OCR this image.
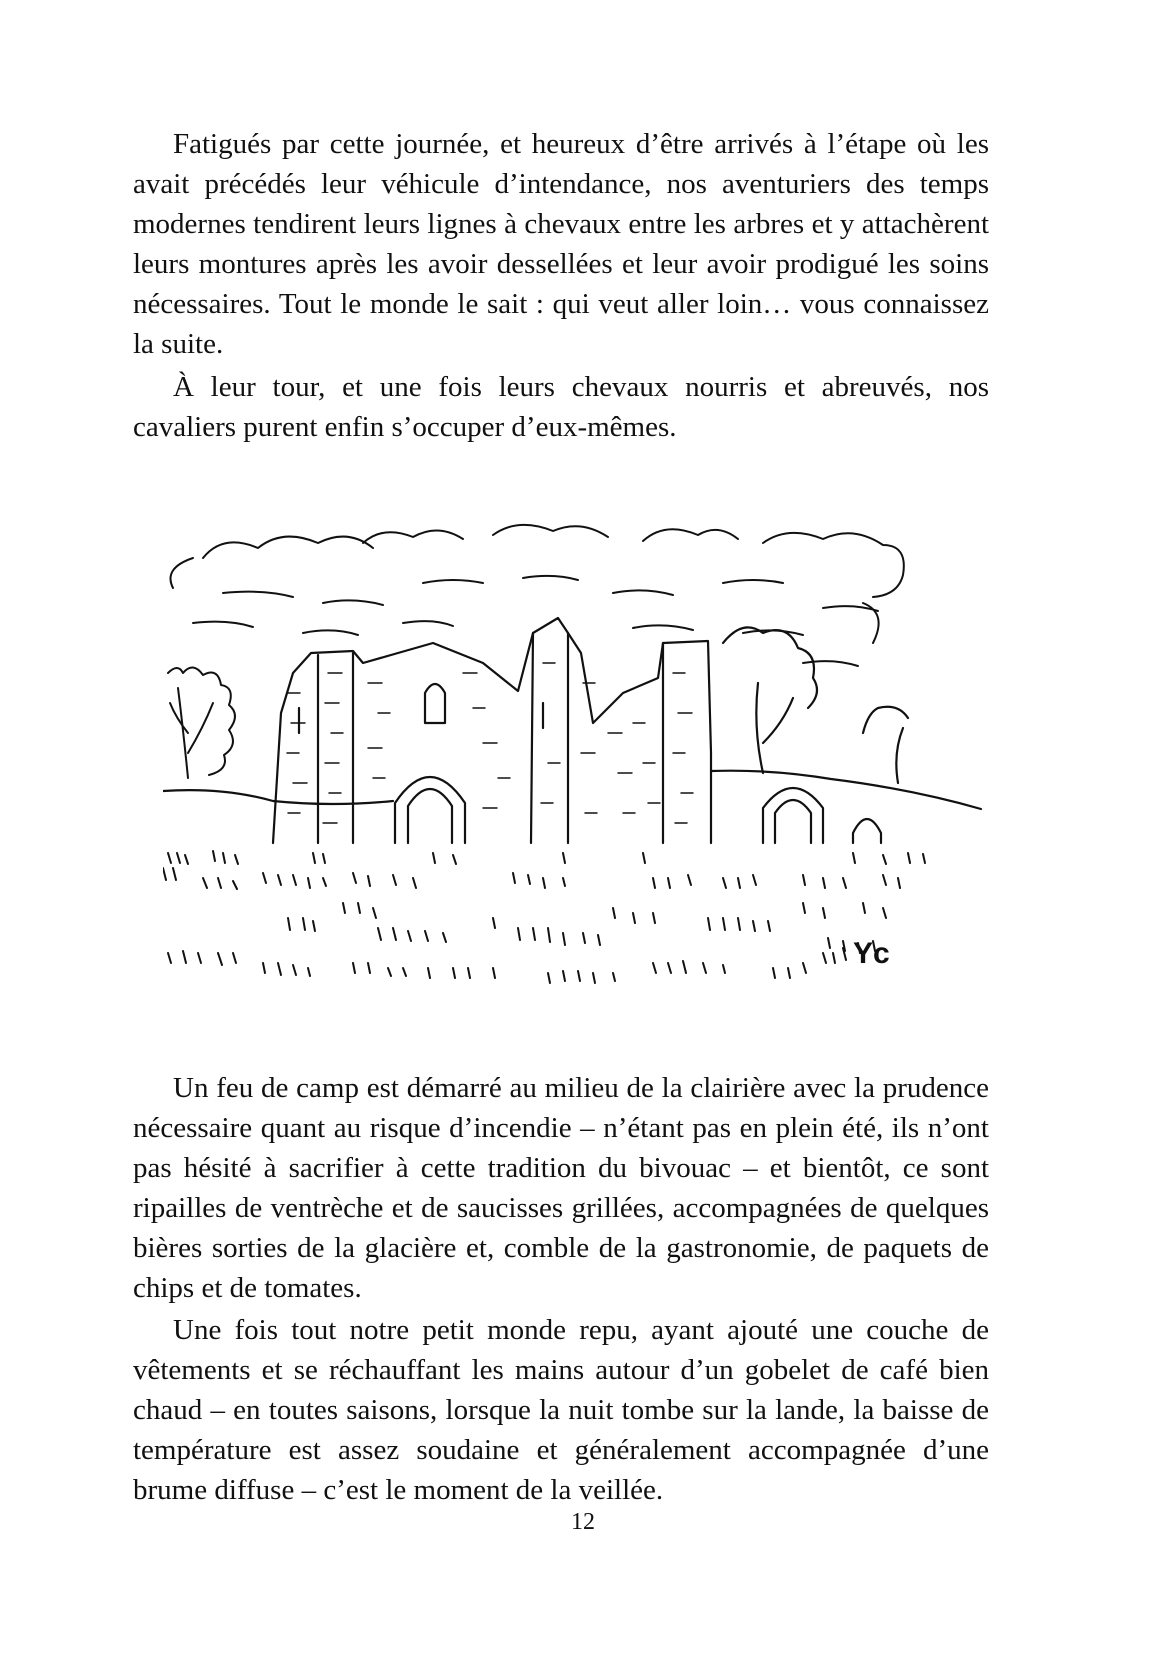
Fatigués par cette journée, et heureux d’être arrivés à l’étape où les avait précédés leur véhicule d’intendance, nos aventuriers des temps modernes tendirent leurs lignes à chevaux entre les arbres et y attachèrent leurs montures après les avoir dessellées et leur avoir prodigué les soins nécessaires. Tout le monde le sait : qui veut aller loin… vous connaissez la suite.

À leur tour, et une fois leurs chevaux nourris et abreuvés, nos cavaliers purent enfin s’occuper d’eux-mêmes.

Yc

Un feu de camp est démarré au milieu de la clairière avec la prudence nécessaire quant au risque d’incendie – n’étant pas en plein été, ils n’ont pas hésité à sacrifier à cette tradition du bivouac – et bientôt, ce sont ripailles de ventrèche et de saucisses grillées, accompagnées de quelques bières sorties de la glacière et, comble de la gastronomie, de paquets de chips et de tomates.

Une fois tout notre petit monde repu, ayant ajouté une couche de vêtements et se réchauffant les mains autour d’un gobelet de café bien chaud – en toutes saisons, lorsque la nuit tombe sur la lande, la baisse de température est assez soudaine et généralement accompagnée d’une brume diffuse – c’est le moment de la veillée.

12
